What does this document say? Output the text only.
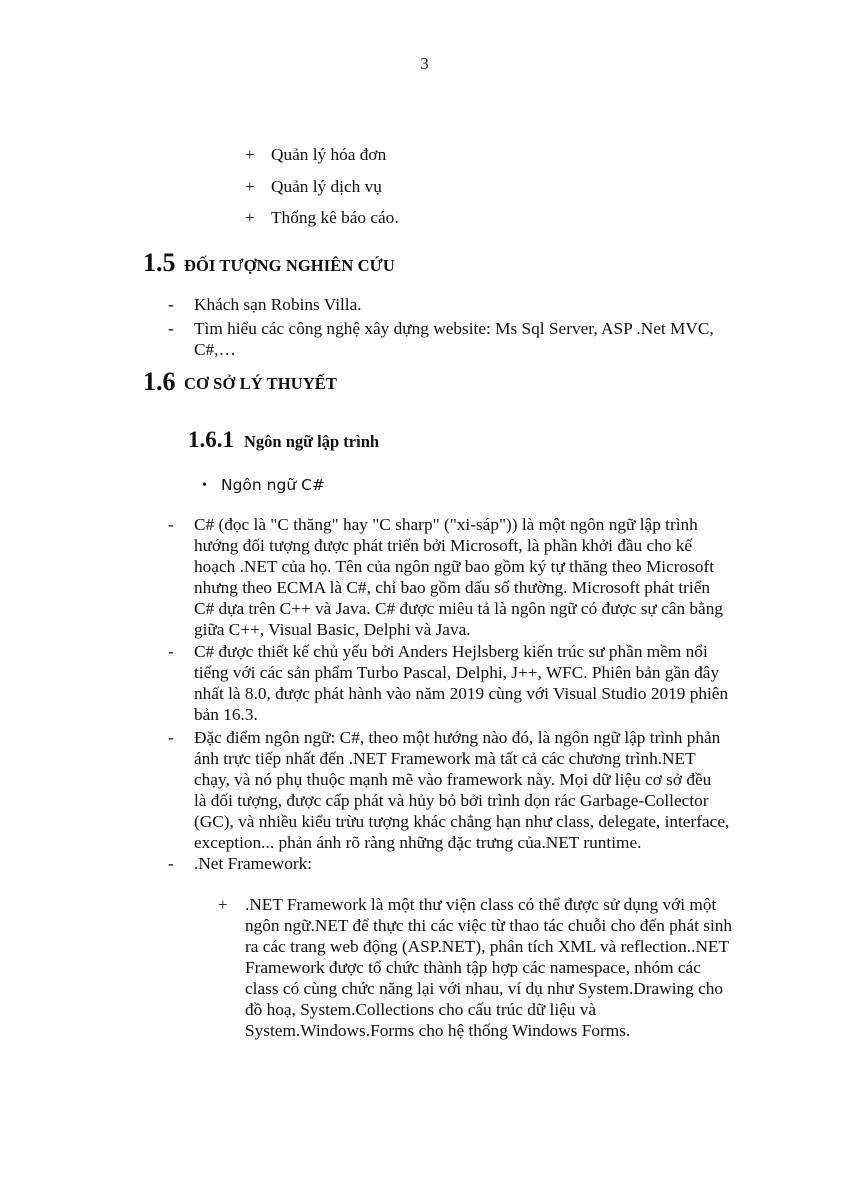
3
+ Quản lý hóa đơn
+ Quản lý dịch vụ
+ Thống kê báo cáo.
1.5 ĐỐI TƯỢNG NGHIÊN CỨU
- Khách sạn Robins Villa.
- Tìm hiểu các công nghệ xây dựng website: Ms Sql Server, ASP .Net MVC,
C#,…
1.6 CƠ SỞ LÝ THUYẾT
1.6.1 Ngôn ngữ lập trình
• Ngôn ngữ C#
- C# (đọc là "C thăng" hay "C sharp" ("xi-sáp")) là một ngôn ngữ lập trình
hướng đối tượng được phát triển bởi Microsoft, là phần khởi đầu cho kế
hoạch .NET của họ. Tên của ngôn ngữ bao gồm ký tự thăng theo Microsoft
nhưng theo ECMA là C#, chỉ bao gồm dấu số thường. Microsoft phát triển
C# dựa trên C++ và Java. C# được miêu tả là ngôn ngữ có được sự cân bằng
giữa C++, Visual Basic, Delphi và Java.
- C# được thiết kế chủ yếu bởi Anders Hejlsberg kiến trúc sư phần mềm nổi
tiếng với các sản phẩm Turbo Pascal, Delphi, J++, WFC. Phiên bản gần đây
nhất là 8.0, được phát hành vào năm 2019 cùng với Visual Studio 2019 phiên
bản 16.3.
- Đặc điểm ngôn ngữ: C#, theo một hướng nào đó, là ngôn ngữ lập trình phản
ánh trực tiếp nhất đến .NET Framework mà tất cả các chương trình.NET
chạy, và nó phụ thuộc mạnh mẽ vào framework này. Mọi dữ liệu cơ sở đều
là đối tượng, được cấp phát và hủy bỏ bởi trình dọn rác Garbage-Collector
(GC), và nhiều kiểu trừu tượng khác chẳng hạn như class, delegate, interface,
exception... phản ánh rõ ràng những đặc trưng của.NET runtime.
- .Net Framework:
+ .NET Framework là một thư viện class có thể được sử dụng với một
ngôn ngữ.NET để thực thi các việc từ thao tác chuỗi cho đến phát sinh
ra các trang web động (ASP.NET), phân tích XML và reflection..NET
Framework được tổ chức thành tập hợp các namespace, nhóm các
class có cùng chức năng lại với nhau, ví dụ như System.Drawing cho
đồ hoạ, System.Collections cho cấu trúc dữ liệu và
System.Windows.Forms cho hệ thống Windows Forms.
